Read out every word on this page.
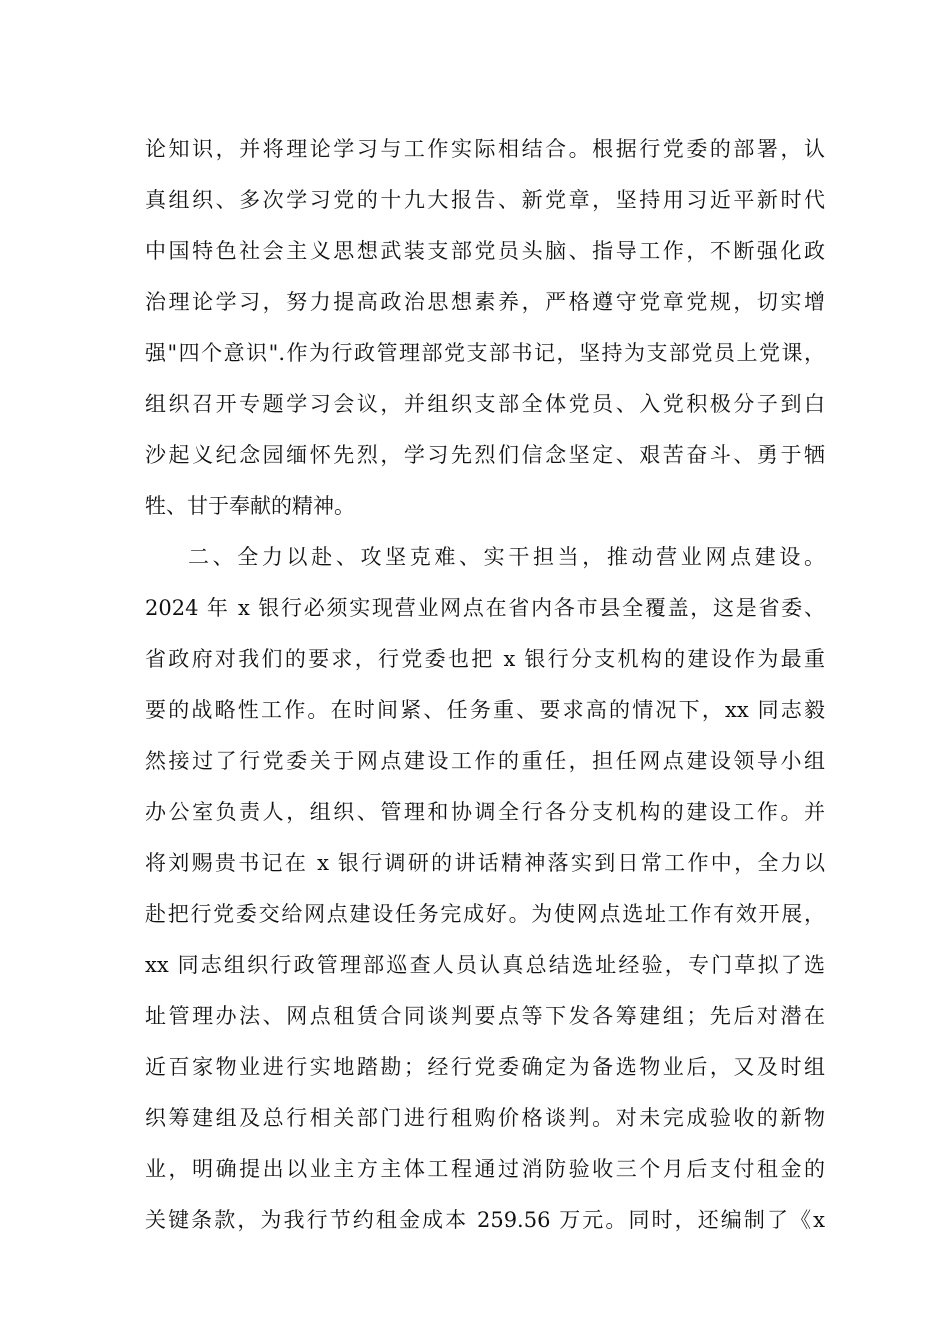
论知识，并将理论学习与工作实际相结合。根据行党委的部署，认
真组织、多次学习党的十九大报告、新党章，坚持用习近平新时代
中国特色社会主义思想武装支部党员头脑、指导工作，不断强化政
治理论学习，努力提高政治思想素养，严格遵守党章党规，切实增
强"四个意识".作为行政管理部党支部书记，坚持为支部党员上党课，
组织召开专题学习会议，并组织支部全体党员、入党积极分子到白
沙起义纪念园缅怀先烈，学习先烈们信念坚定、艰苦奋斗、勇于牺
牲、甘于奉献的精神。
二、全力以赴、攻坚克难、实干担当，推动营业网点建设。
2024 年 x 银行必须实现营业网点在省内各市县全覆盖，这是省委、
省政府对我们的要求，行党委也把 x 银行分支机构的建设作为最重
要的战略性工作。在时间紧、任务重、要求高的情况下，xx 同志毅
然接过了行党委关于网点建设工作的重任，担任网点建设领导小组
办公室负责人，组织、管理和协调全行各分支机构的建设工作。并
将刘赐贵书记在 x 银行调研的讲话精神落实到日常工作中，全力以
赴把行党委交给网点建设任务完成好。为使网点选址工作有效开展，
xx 同志组织行政管理部巡查人员认真总结选址经验，专门草拟了选
址管理办法、网点租赁合同谈判要点等下发各筹建组；先后对潜在
近百家物业进行实地踏勘；经行党委确定为备选物业后，又及时组
织筹建组及总行相关部门进行租购价格谈判。对未完成验收的新物
业，明确提出以业主方主体工程通过消防验收三个月后支付租金的
关键条款，为我行节约租金成本 259.56 万元。同时，还编制了《x
